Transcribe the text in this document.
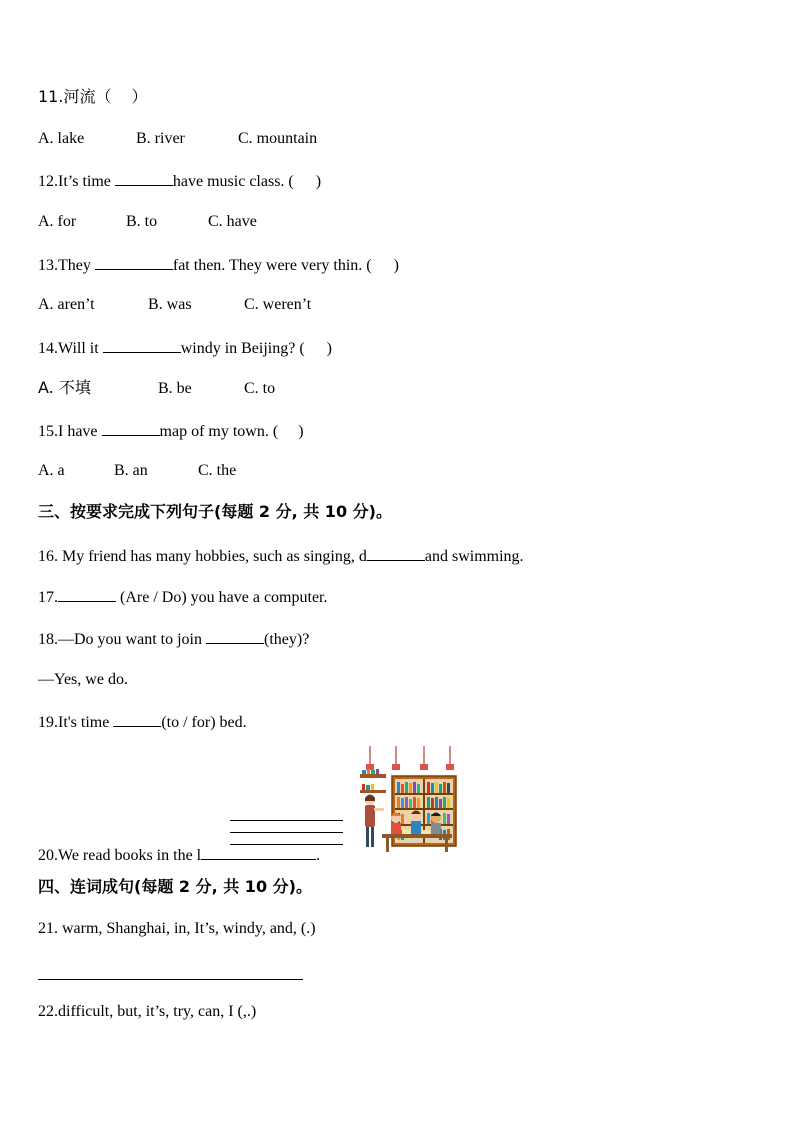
11.河流（ ）
A. lake	B. river	C. mountain
12.It’s time	have music class. ( )
A. for	B. to	C. have
13.They	fat then. They were very thin. ( )
A. aren’t	B. was	C. weren’t
14.Will it	windy in Beijing? ( )
A. 不填	B. be	C. to
15.I have	map of my town. ( )
A. a	B. an	C. the
三、按要求完成下列句子(每题 2 分, 共 10 分)。
16. My friend has many hobbies, such as singing, d	and swimming.
17.	(Are / Do) you have a computer.
18.—Do you want to join	(they)?
—Yes, we do.
19.It's time	(to / for) bed.
20.We read books in the l	.
四、连词成句(每题 2 分, 共 10 分)。
21. warm, Shanghai, in, It’s, windy, and, (.)
22.difficult, but, it’s, try, can, I (,.)
